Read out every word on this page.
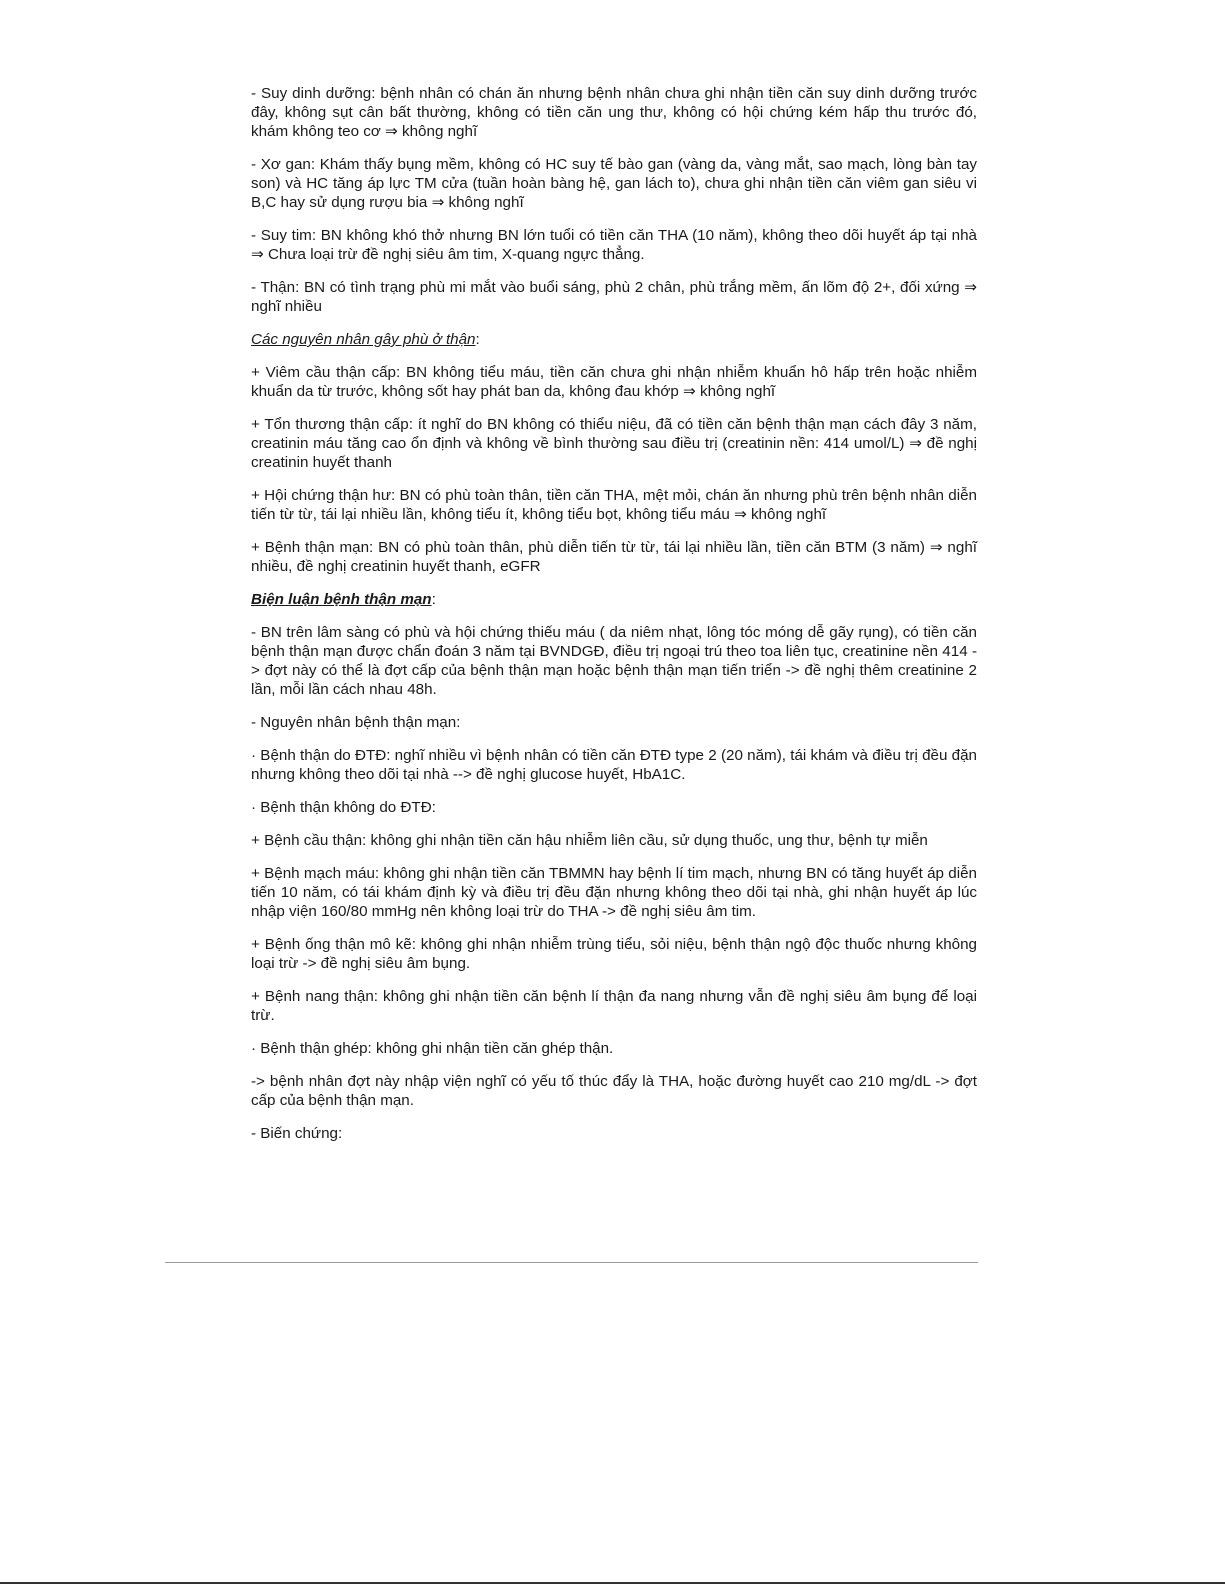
- Suy dinh dưỡng: bệnh nhân có chán ăn nhưng bệnh nhân chưa ghi nhận tiền căn suy dinh dưỡng trước đây, không sụt cân bất thường, không có tiền căn ung thư, không có hội chứng kém hấp thu trước đó, khám không teo cơ ⇒ không nghĩ

- Xơ gan: Khám thấy bụng mềm, không có HC suy tế bào gan (vàng da, vàng mắt, sao mạch, lòng bàn tay son) và HC tăng áp lực TM cửa (tuần hoàn bàng hệ, gan lách to), chưa ghi nhận tiền căn viêm gan siêu vi B,C hay sử dụng rượu bia ⇒ không nghĩ

- Suy tim: BN không khó thở nhưng BN lớn tuổi có tiền căn THA (10 năm), không theo dõi huyết áp tại nhà ⇒ Chưa loại trừ đề nghị siêu âm tim, X-quang ngực thẳng.

- Thận: BN có tình trạng phù mi mắt vào buổi sáng, phù 2 chân, phù trắng mềm, ấn lõm độ 2+, đối xứng ⇒ nghĩ nhiều

Các nguyên nhân gây phù ở thận:

+ Viêm cầu thận cấp: BN không tiểu máu, tiền căn chưa ghi nhận nhiễm khuẩn hô hấp trên hoặc nhiễm khuẩn da từ trước, không sốt hay phát ban da, không đau khớp ⇒ không nghĩ

+ Tổn thương thận cấp: ít nghĩ do BN không có thiểu niệu, đã có tiền căn bệnh thận mạn cách đây 3 năm, creatinin máu tăng cao ổn định và không về bình thường sau điều trị (creatinin nền: 414 umol/L) ⇒ đề nghị creatinin huyết thanh

+ Hội chứng thận hư: BN có phù toàn thân, tiền căn THA, mệt mỏi, chán ăn nhưng phù trên bệnh nhân diễn tiến từ từ, tái lại nhiều lần, không tiểu ít, không tiểu bọt, không tiểu máu ⇒ không nghĩ

+ Bệnh thận mạn: BN có phù toàn thân, phù diễn tiến từ từ, tái lại nhiều lần, tiền căn BTM (3 năm) ⇒ nghĩ nhiều, đề nghị creatinin huyết thanh, eGFR

Biện luận bệnh thận mạn:

- BN trên lâm sàng có phù và hội chứng thiếu máu ( da niêm nhạt, lông tóc móng dễ gãy rụng), có tiền căn bệnh thận mạn được chẩn đoán 3 năm tại BVNDGĐ, điều trị ngoại trú theo toa liên tục, creatinine nền 414 -> đợt này có thể là đợt cấp của bệnh thận mạn hoặc bệnh thận mạn tiến triển -> đề nghị thêm creatinine 2 lần, mỗi lần cách nhau 48h.

- Nguyên nhân bệnh thận mạn:

· Bệnh thận do ĐTĐ: nghĩ nhiều vì bệnh nhân có tiền căn ĐTĐ type 2 (20 năm), tái khám và điều trị đều đặn nhưng không theo dõi tại nhà --> đề nghị glucose huyết, HbA1C.

· Bệnh thận không do ĐTĐ:

+ Bệnh cầu thận: không ghi nhận tiền căn hậu nhiễm liên cầu, sử dụng thuốc, ung thư, bệnh tự miễn

+ Bệnh mạch máu: không ghi nhận tiền căn TBMMN hay bệnh lí tim mạch, nhưng BN có tăng huyết áp diễn tiến 10 năm, có tái khám định kỳ và điều trị đều đặn nhưng không theo dõi tại nhà, ghi nhận huyết áp lúc nhập viện 160/80 mmHg nên không loại trừ do THA -> đề nghị siêu âm tim.

+ Bệnh ống thận mô kẽ: không ghi nhận nhiễm trùng tiểu, sỏi niệu, bệnh thận ngộ độc thuốc nhưng không loại trừ -> đề nghị siêu âm bụng.

+ Bệnh nang thận: không ghi nhận tiền căn bệnh lí thận đa nang nhưng vẫn đề nghị siêu âm bụng để loại trừ.

· Bệnh thận ghép: không ghi nhận tiền căn ghép thận.

-> bệnh nhân đợt này nhập viện nghĩ có yếu tố thúc đẩy là THA, hoặc đường huyết cao 210 mg/dL -> đợt cấp của bệnh thận mạn.

- Biến chứng:
